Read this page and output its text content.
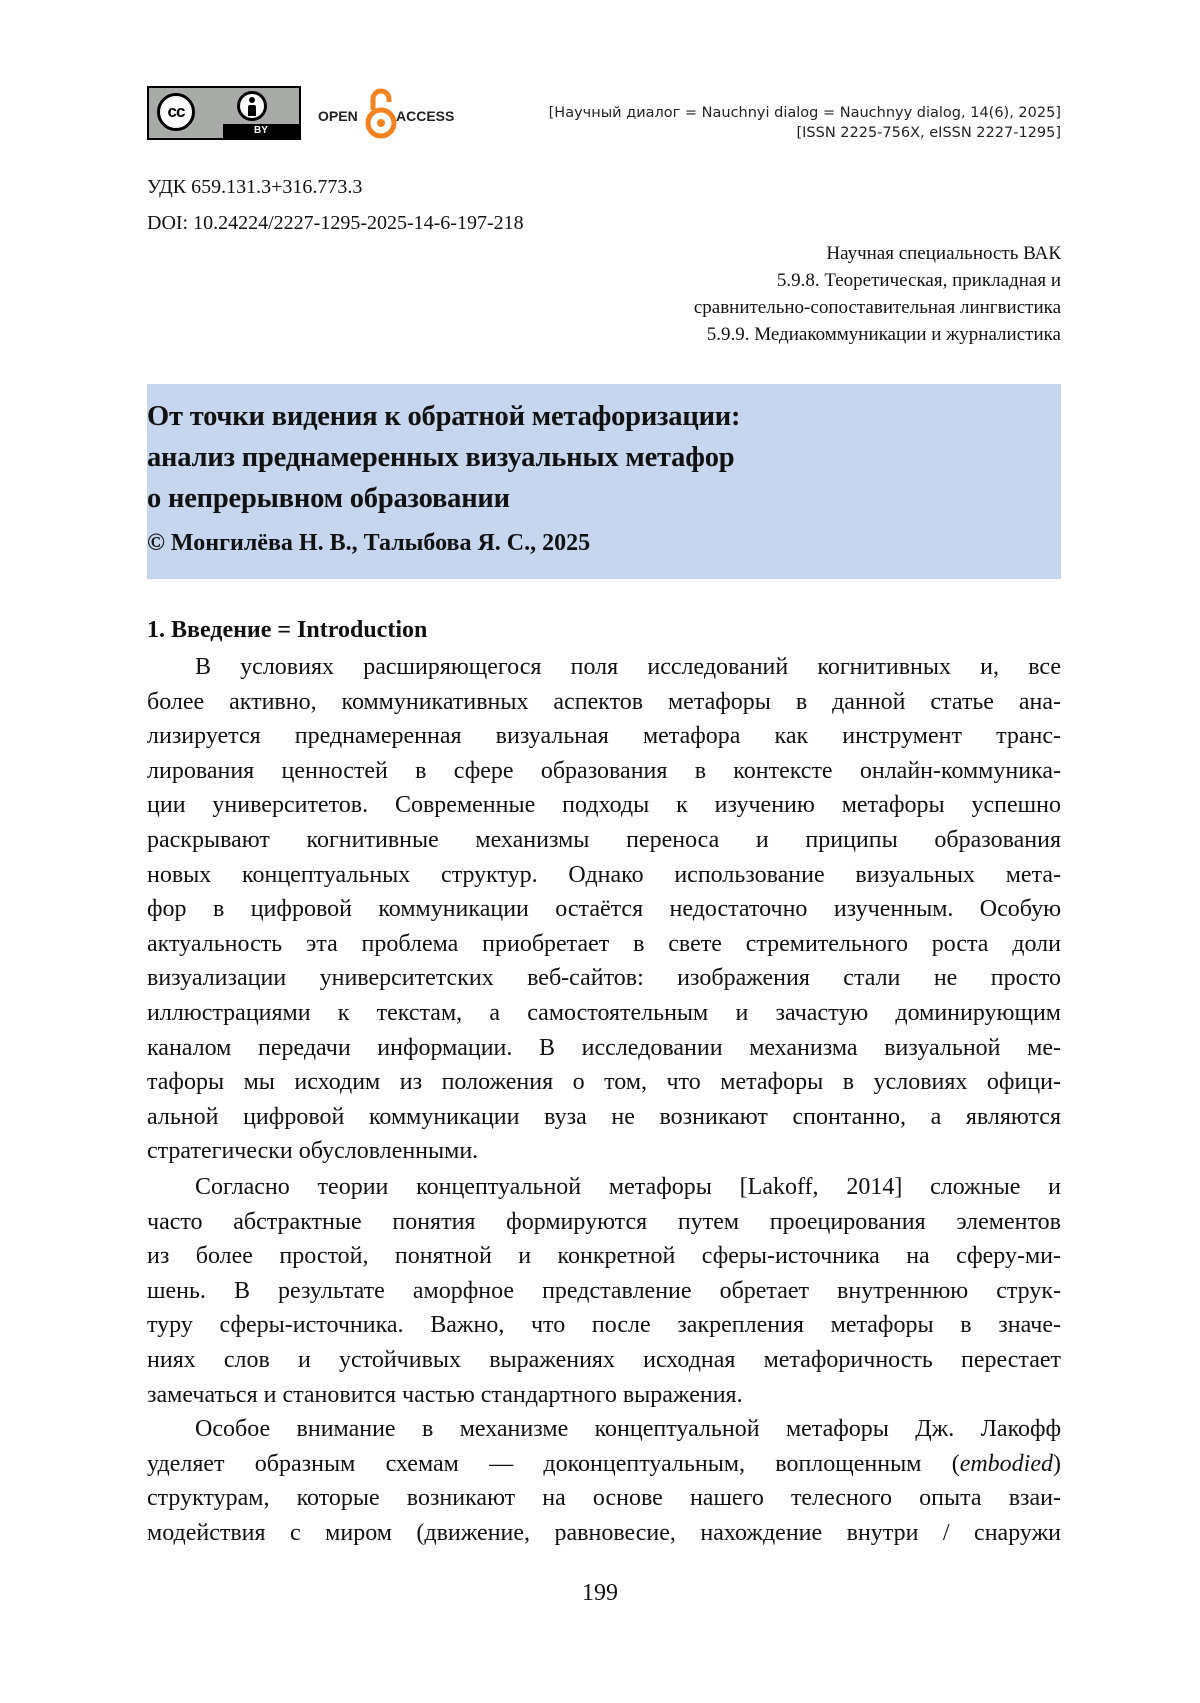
cc
BY
OPEN	ACCESS	[Научный диалог = Nauchnyi dialog = Nauchnyy dialog, 14(6), 2025]
[ISSN 2225-756X, eISSN 2227-1295]
УДК 659.131.3+316.773.3
DOI: 10.24224/2227-1295-2025-14-6-197-218
Научная специальность ВАК
5.9.8. Теоретическая, прикладная и
сравнительно-сопоставительная лингвистика
5.9.9. Медиакоммуникации и журналистика
От точки видения к обратной метафоризации:
анализ преднамеренных визуальных метафор
о непрерывном образовании
© Монгилёва Н. В., Талыбова Я. С., 2025
1. Введение = Introduction
В условиях расширяющегося поля исследований когнитивных и, все
более активно, коммуникативных аспектов метафоры в данной статье ана-
лизируется преднамеренная визуальная метафора как инструмент транс-
лирования ценностей в сфере образования в контексте онлайн-коммуника-
ции университетов. Современные подходы к изучению метафоры успешно
раскрывают когнитивные механизмы переноса и приципы образования
новых концептуальных структур. Однако использование визуальных мета-
фор в цифровой коммуникации остаётся недостаточно изученным. Особую
актуальность эта проблема приобретает в свете стремительного роста доли
визуализации университетских веб-сайтов: изображения стали не просто
иллюстрациями к текстам, а самостоятельным и зачастую доминирующим
каналом передачи информации. В исследовании механизма визуальной ме-
тафоры мы исходим из положения о том, что метафоры в условиях офици-
альной цифровой коммуникации вуза не возникают спонтанно, а являются
стратегически обусловленными.
Согласно теории концептуальной метафоры [Lakoff, 2014] сложные и
часто абстрактные понятия формируются путем проецирования элементов
из более простой, понятной и конкретной сферы-источника на сферу-ми-
шень. В результате аморфное представление обретает внутреннюю струк-
туру сферы-источника. Важно, что после закрепления метафоры в значе-
ниях слов и устойчивых выражениях исходная метафоричность перестает
замечаться и становится частью стандартного выражения.
Особое внимание в механизме концептуальной метафоры Дж. Лакофф
уделяет образным схемам — доконцептуальным, воплощенным (embodied)
структурам, которые возникают на основе нашего телесного опыта взаи-
модействия с миром (движение, равновесие, нахождение внутри / снаружи
199
